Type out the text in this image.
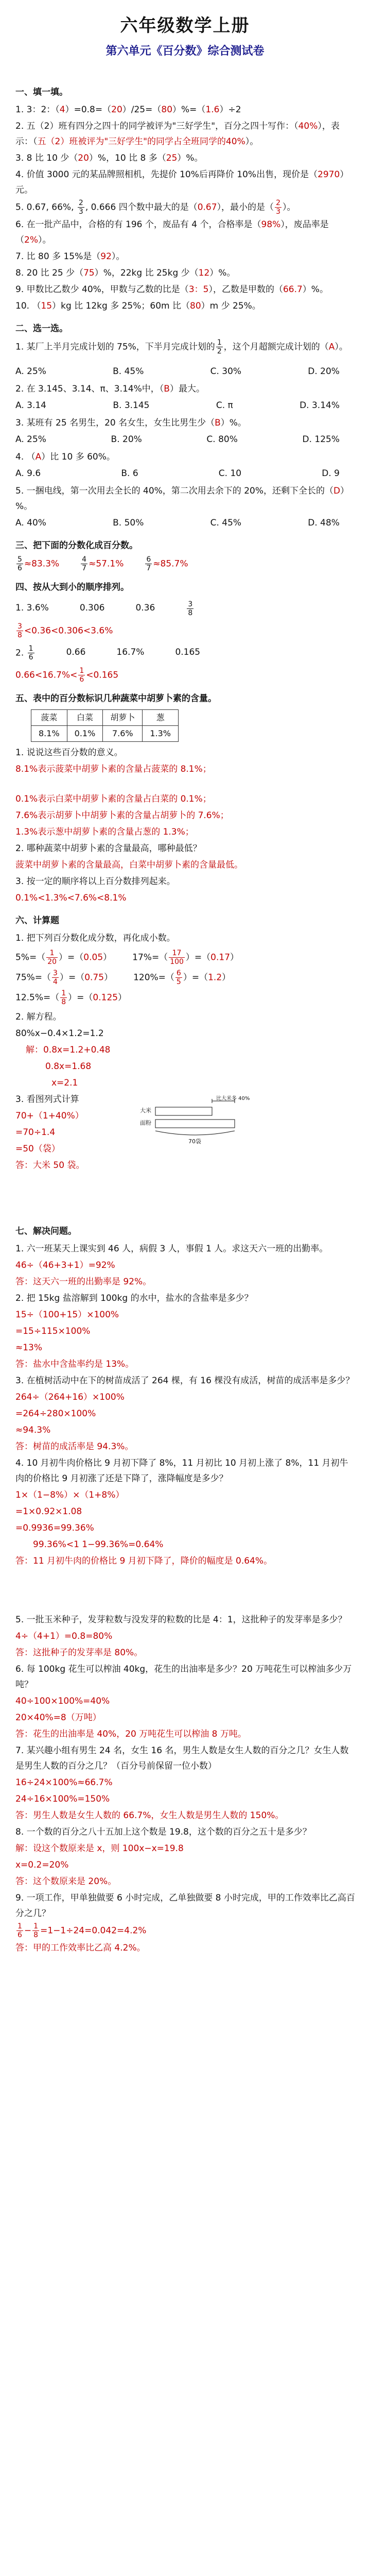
六年级数学上册
第六单元《百分数》综合测试卷
一、填一填。
1. 3：2：（4）=0.8=（20）/25=（80）%=（1.6）÷2
2. 五（2）班有四分之四十的同学被评为"三好学生"，百分之四十写作：（40%），表示：（五（2）班被评为"三好学生"的同学占全班同学的40%）。
3. 8 比 10 少（20）%，10 比 8 多（25）%。
4. 价值 3000 元的某品牌照相机，先提价 10%后再降价 10%出售，现价是（2970）元。
5. 0.67, 66%, $\frac{2}{3}$ , 0.666 四个数中最大的是（0.67），最小的是（ $\frac{2}{3}$ ）。
6. 在一批产品中，合格的有 196 个，废品有 4 个，合格率是（98%），废品率是（2%）。
7. 比 80 多 15%是（92）。
8. 20 比 25 少（75）%，22kg 比 25kg 少（12）%。
9. 甲数比乙数少 40%，甲数与乙数的比是（3：5），乙数是甲数的（66.7）%。
10. （15）kg 比 12kg 多 25%；60m 比（80）m 少 25%。
二、选一选。
1. 某厂上半月完成计划的 75%，下半月完成计划的 $\frac{1}{2}$ ，这个月超额完成计划的（A）。
A. 25%	B. 45%	C. 30%	D. 20%
2. 在 3.145、3.14、π、3.14%中，（B）最大。
A. 3.14	B. 3.145	C. π	D. 3.14%
3. 某班有 25 名男生，20 名女生，女生比男生少（B）%。
A. 25%	B. 20%	C. 80%	D. 125%
4. （A）比 10 多 60%。
A. 9.6	B. 6	C. 10	D. 9
5. 一捆电线，第一次用去全长的 40%，第二次用去余下的 20%，还剩下全长的（D）%。
A. 40%	B. 50%	C. 45%	D. 48%
三、把下面的分数化成百分数。
$\frac{5}{6} \approx 83.3\%$	$\frac{4}{7} \approx 57.1\%$	$\frac{6}{7} \approx 85.7\%$
四、按从大到小的顺序排列。
1. 3.6%	0.306	0.36	$\frac{3}{8}$
$\frac{3}{8} <0.36<0.306<3.6\%$
2. $\frac{1}{6}$	0.66	16.7%	0.165
$0.66<16.7\%< \frac{1}{6} <0.165$
五、表中的百分数标识几种蔬菜中胡萝卜素的含量。
菠菜	白菜	胡萝卜	葱
8.1%	0.1%	7.6%	1.3%
1. 说说这些百分数的意义。
8.1%表示菠菜中胡萝卜素的含量占菠菜的 8.1%；
0.1%表示白菜中胡萝卜素的含量占白菜的 0.1%；
7.6%表示胡萝卜中胡萝卜素的含量占胡萝卜的 7.6%；
1.3%表示葱中胡萝卜素的含量占葱的 1.3%；
2. 哪种蔬菜中胡萝卜素的含量最高，哪种最低？
菠菜中胡萝卜素的含量最高，白菜中胡萝卜素的含量最低。
3. 按一定的顺序将以上百分数排列起来。
0.1%<1.3%<7.6%<8.1%
六、计算题
1. 把下列百分数化成分数，再化成小数。
$5\%=( \frac{1}{20} )=(0.05)$ $17\%=( \frac{17}{100} )=(0.17)$
$75\%=( \frac{3}{4} )=(0.75)$ $120\%=( \frac{6}{5} )=(1.2)$
$12.5\%=( \frac{1}{8} )=(0.125)$
2. 解方程。
80%x−0.4×1.2=1.2
解：0.8x=1.2+0.48
0.8x=1.68
x=2.1
3. 看图列式计算
70+（1+40%）
=70÷1.4
=50（袋）
答：大米 50 袋。
大米
面粉
比大米多 40%
70袋
七、解决问题。
1. 六一班某天上课实到 46 人，病假 3 人，事假 1 人。求这天六一班的出勤率。
46÷（46+3+1）=92%
答：这天六一班的出勤率是 92%。
2. 把 15kg 盐溶解到 100kg 的水中，盐水的含盐率是多少？
15÷（100+15）×100%
=15÷115×100%
≈13%
答：盐水中含盐率约是 13%。
3. 在植树活动中在下的树苗成活了 264 棵，有 16 棵没有成活，树苗的成活率是多少？
264÷（264+16）×100%
=264÷280×100%
≈94.3%
答：树苗的成活率是 94.3%。
4. 10 月初牛肉价格比 9 月初下降了 8%，11 月初比 10 月初上涨了 8%，11 月初牛肉的价格比 9 月初涨了还是下降了，涨降幅度是多少？
1×（1−8%）×（1+8%）
=1×0.92×1.08
=0.9936=99.36%
99.36%<1 1−99.36%=0.64%
答：11 月初牛肉的价格比 9 月初下降了，降价的幅度是 0.64%。
5. 一批玉米种子，发芽粒数与没发芽的粒数的比是 4：1，这批种子的发芽率是多少？
4÷（4+1）=0.8=80%
答：这批种子的发芽率是 80%。
6. 每 100kg 花生可以榨油 40kg，花生的出油率是多少？20 万吨花生可以榨油多少万吨？
40÷100×100%=40%
20×40%=8（万吨）
答：花生的出油率是 40%，20 万吨花生可以榨油 8 万吨。
7. 某兴趣小组有男生 24 名，女生 16 名，男生人数是女生人数的百分之几？女生人数是男生人数的百分之几？（百分号前保留一位小数）
16÷24×100%≈66.7%
24÷16×100%=150%
答：男生人数是女生人数的 66.7%，女生人数是男生人数的 150%。
8. 一个数的百分之八十五加上这个数是 19.8，这个数的百分之五十是多少？
解：设这个数原来是 x，则 100x−x=19.8
x=0.2=20%
答：这个数原来是 20%。
9. 一项工作，甲单独做要 6 小时完成，乙单独做要 8 小时完成，甲的工作效率比乙高百分之几？
$\frac{1}{6} - \frac{1}{8} =1-1\div 24=0.042=4.2\%$
答：甲的工作效率比乙高 4.2%。
